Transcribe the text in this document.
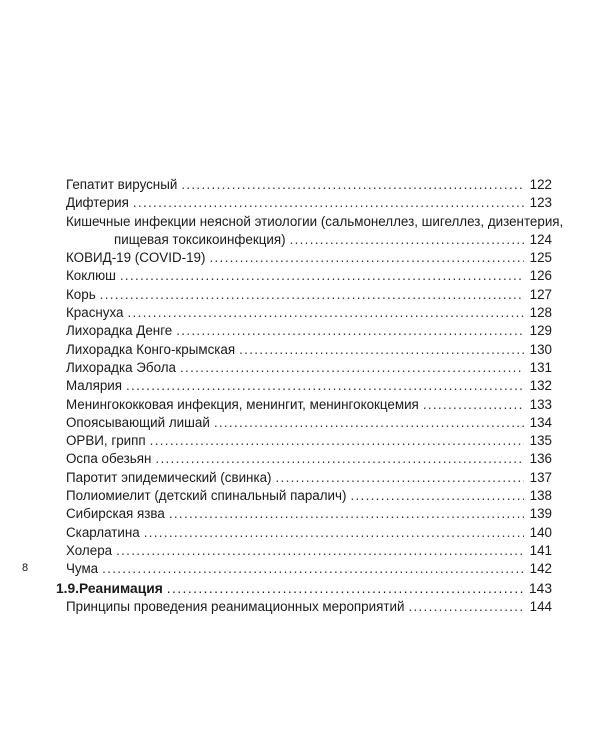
Гепатит вирусный . . .	122
Дифтерия . . .	123
Кишечные инфекции неясной этиологии (сальмонеллез, шигеллез, дизентерия,
пищевая токсикоинфекция) . . .	124
КОВИД-19 (COVID-19) . . .	125
Коклюш . . .	126
Корь . . .	127
Краснуха . . .	128
Лихорадка Денге . . .	129
Лихорадка Конго-крымская . . .	130
Лихорадка Эбола . . .	131
Малярия . . .	132
Менингококковая инфекция, менингит, менингококцемия . . .	133
Опоясывающий лишай . . .	134
ОРВИ, грипп . . .	135
Оспа обезьян . . .	136
Паротит эпидемический (свинка) . . .	137
Полиомиелит (детский спинальный паралич) . . .	138
Сибирская язва . . .	139
Скарлатина . . .	140
Холера . . .	141
Чума . . .	142
1.9. Реанимация . . .	143
Принципы проведения реанимационных мероприятий . . .	144
8
